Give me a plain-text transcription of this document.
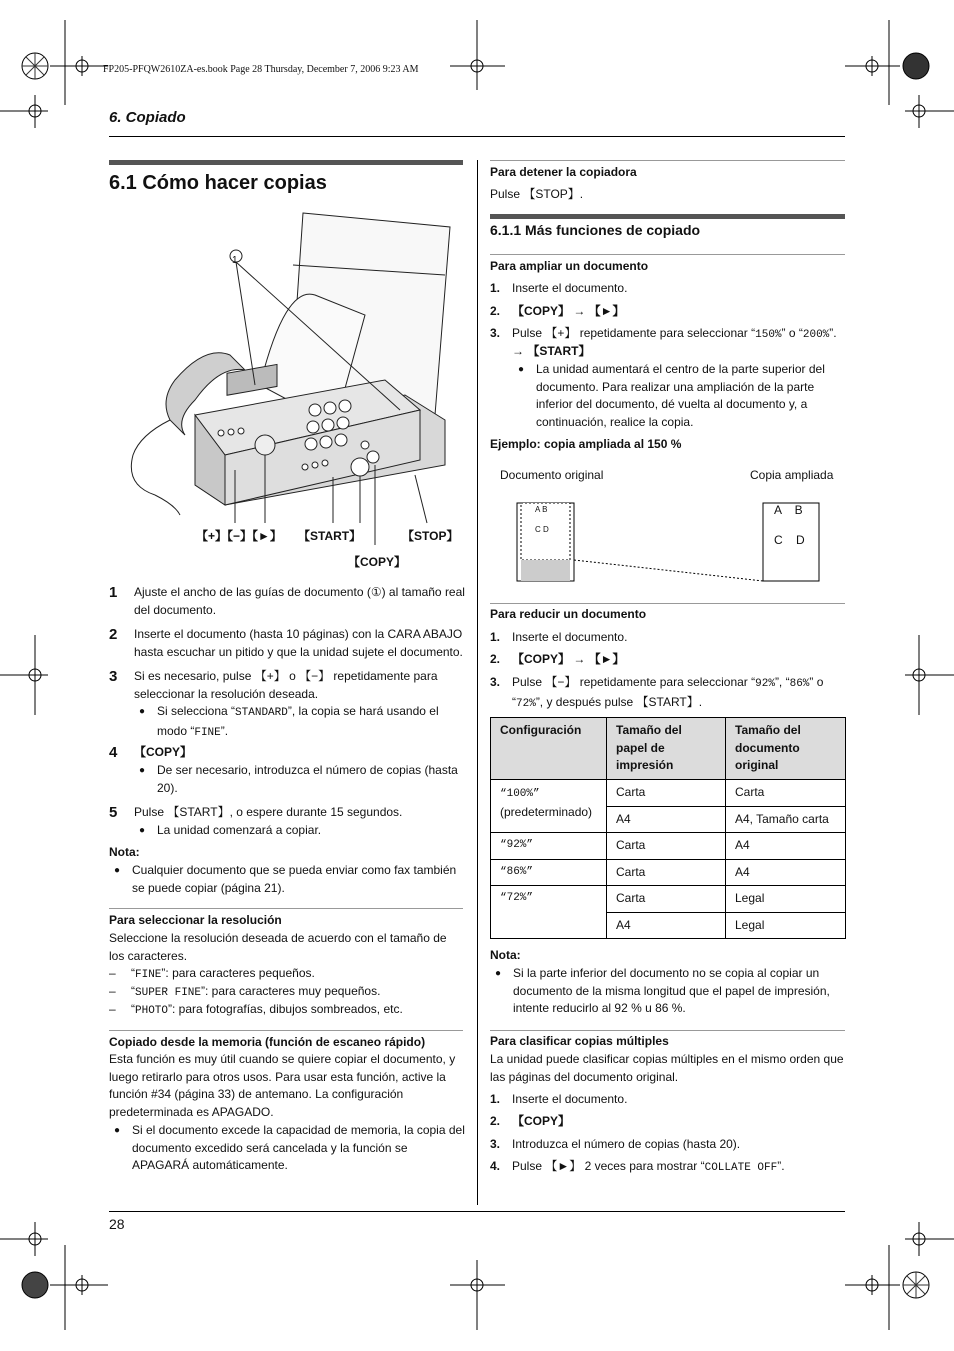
FP205-PFQW2610ZA-es.book Page 28 Thursday, December 7, 2006 9:23 AM
6. Copiado
6.1 Cómo hacer copias
1
【+】【−】【►】 【START】	【STOP】
【COPY】
1	Ajuste el ancho de las guías de documento (①) al tamaño real del documento.
2	Inserte el documento (hasta 10 páginas) con la CARA ABAJO hasta escuchar un pitido y que la unidad sujete el documento.
3	Si es necesario, pulse 【+】 o 【−】 repetidamente para seleccionar la resolución deseada.
● Si selecciona “STANDARD”, la copia se hará usando el modo “FINE”.
4	【COPY】
● De ser necesario, introduzca el número de copias (hasta 20).
5	Pulse 【START】, o espere durante 15 segundos.
● La unidad comenzará a copiar.
Nota:
● Cualquier documento que se pueda enviar como fax también se puede copiar (página 21).
Para seleccionar la resolución
Seleccione la resolución deseada de acuerdo con el tamaño de los caracteres.
–	“FINE”: para caracteres pequeños.
–	“SUPER FINE”: para caracteres muy pequeños.
–	“PHOTO”: para fotografías, dibujos sombreados, etc.
Copiado desde la memoria (función de escaneo rápido)
Esta función es muy útil cuando se quiere copiar el documento, y luego retirarlo para otros usos. Para usar esta función, active la función #34 (página 33) de antemano. La configuración predeterminada es APAGADO.
● Si el documento excede la capacidad de memoria, la copia del documento excedido será cancelada y la función se APAGARÁ automáticamente.
Para detener la copiadora
Pulse 【STOP】.
6.1.1 Más funciones de copiado
Para ampliar un documento
1. Inserte el documento.
2. 【COPY】 → 【►】
3. Pulse 【+】 repetidamente para seleccionar “150%” o “200%”.
→ 【START】
● La unidad aumentará el centro de la parte superior del documento. Para realizar una ampliación de la parte inferior del documento, dé vuelta al documento y, a continuación, realice la copia.
Ejemplo: copia ampliada al 150 %
Documento original	Copia ampliada
A B
C D
A    B
C    D
Para reducir un documento
1. Inserte el documento.
2. 【COPY】 → 【►】
3. Pulse 【−】 repetidamente para seleccionar “92%”, “86%” o
“72%”, y después pulse 【START】.
Configuración	Tamaño del papel de impresión	Tamaño del documento original
“100%”
(predeterminado)	Carta	Carta
	A4	A4, Tamaño carta
“92%”	Carta	A4
“86%”	Carta	A4
“72%”	Carta	Legal
	A4	Legal
Nota:
● Si la parte inferior del documento no se copia al copiar un documento de la misma longitud que el papel de impresión, intente reducirlo al 92 % u 86 %.
Para clasificar copias múltiples
La unidad puede clasificar copias múltiples en el mismo orden que las páginas del documento original.
1. Inserte el documento.
2. 【COPY】
3. Introduzca el número de copias (hasta 20).
4. Pulse 【►】 2 veces para mostrar “COLLATE OFF”.
28
